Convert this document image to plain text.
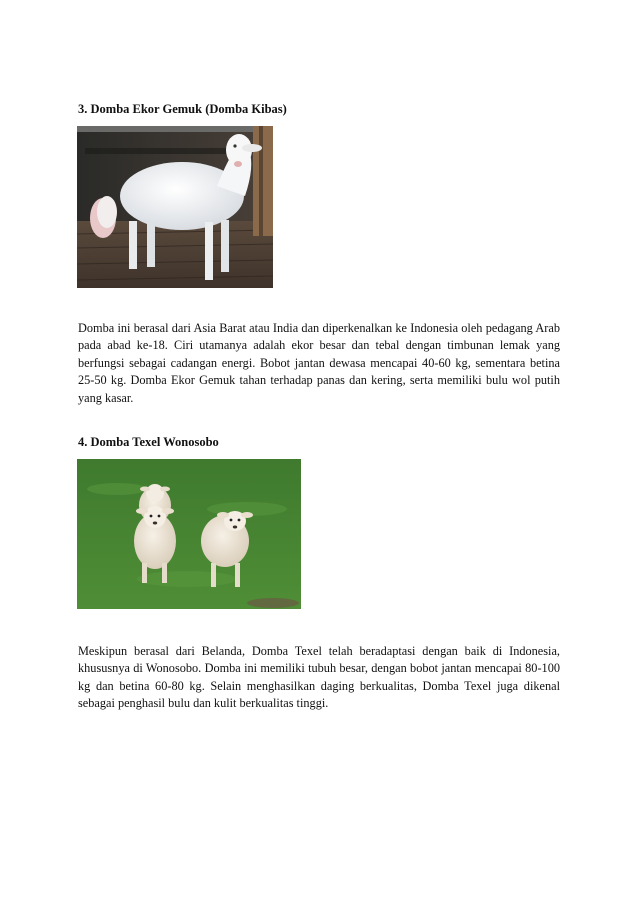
3. Domba Ekor Gemuk (Domba Kibas)

Domba ini berasal dari Asia Barat atau India dan diperkenalkan ke Indonesia oleh pedagang Arab pada abad ke-18. Ciri utamanya adalah ekor besar dan tebal dengan timbunan lemak yang berfungsi sebagai cadangan energi. Bobot jantan dewasa mencapai 40-60 kg, sementara betina 25-50 kg. Domba Ekor Gemuk tahan terhadap panas dan kering, serta memiliki bulu wol putih yang kasar.

4. Domba Texel Wonosobo

Meskipun berasal dari Belanda, Domba Texel telah beradaptasi dengan baik di Indonesia, khususnya di Wonosobo. Domba ini memiliki tubuh besar, dengan bobot jantan mencapai 80-100 kg dan betina 60-80 kg. Selain menghasilkan daging berkualitas, Domba Texel juga dikenal sebagai penghasil bulu dan kulit berkualitas tinggi.
